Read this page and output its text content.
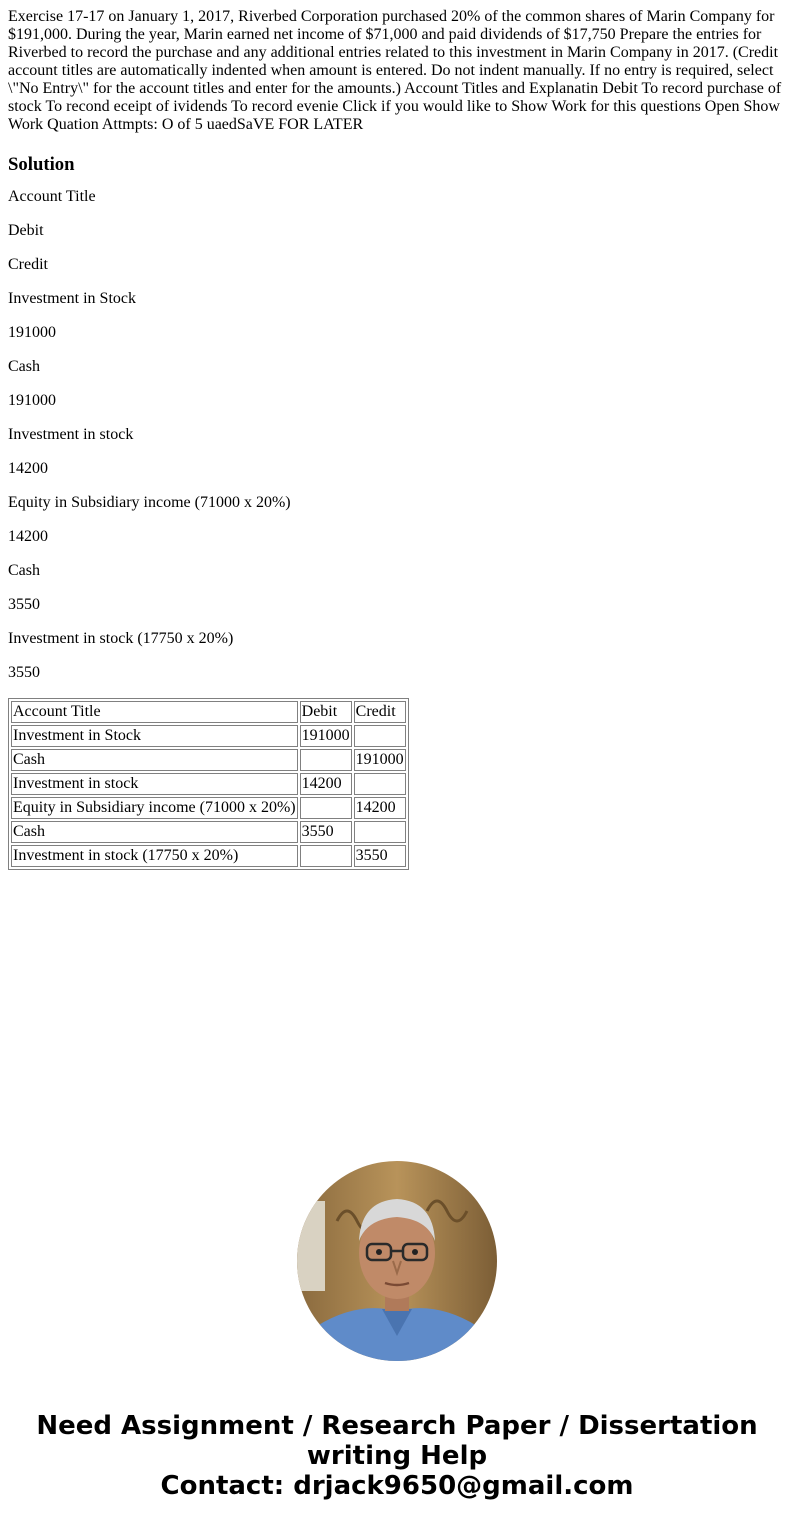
Exercise 17-17 on January 1, 2017, Riverbed Corporation purchased 20% of the common shares of Marin Company for $191,000. During the year, Marin earned net income of $71,000 and paid dividends of $17,750 Prepare the entries for Riverbed to record the purchase and any additional entries related to this investment in Marin Company in 2017. (Credit account titles are automatically indented when amount is entered. Do not indent manually. If no entry is required, select \"No Entry\" for the account titles and enter for the amounts.) Account Titles and Explanatin Debit To record purchase of stock To recond eceipt of ividends To record evenie Click if you would like to Show Work for this questions Open Show Work Quation Attmpts: O of 5 uaedSaVE FOR LATER
Solution

Account Title

Debit

Credit

Investment in Stock

191000

Cash

191000

Investment in stock

14200

Equity in Subsidiary income (71000 x 20%)

14200

Cash

3550

Investment in stock (17750 x 20%)

3550

Account Title	Debit	Credit
Investment in Stock	191000	
Cash		191000
Investment in stock	14200	
Equity in Subsidiary income (71000 x 20%)		14200
Cash	3550	
Investment in stock (17750 x 20%)		3550
Need Assignment / Research Paper / Dissertation
writing Help
Contact: drjack9650@gmail.com
